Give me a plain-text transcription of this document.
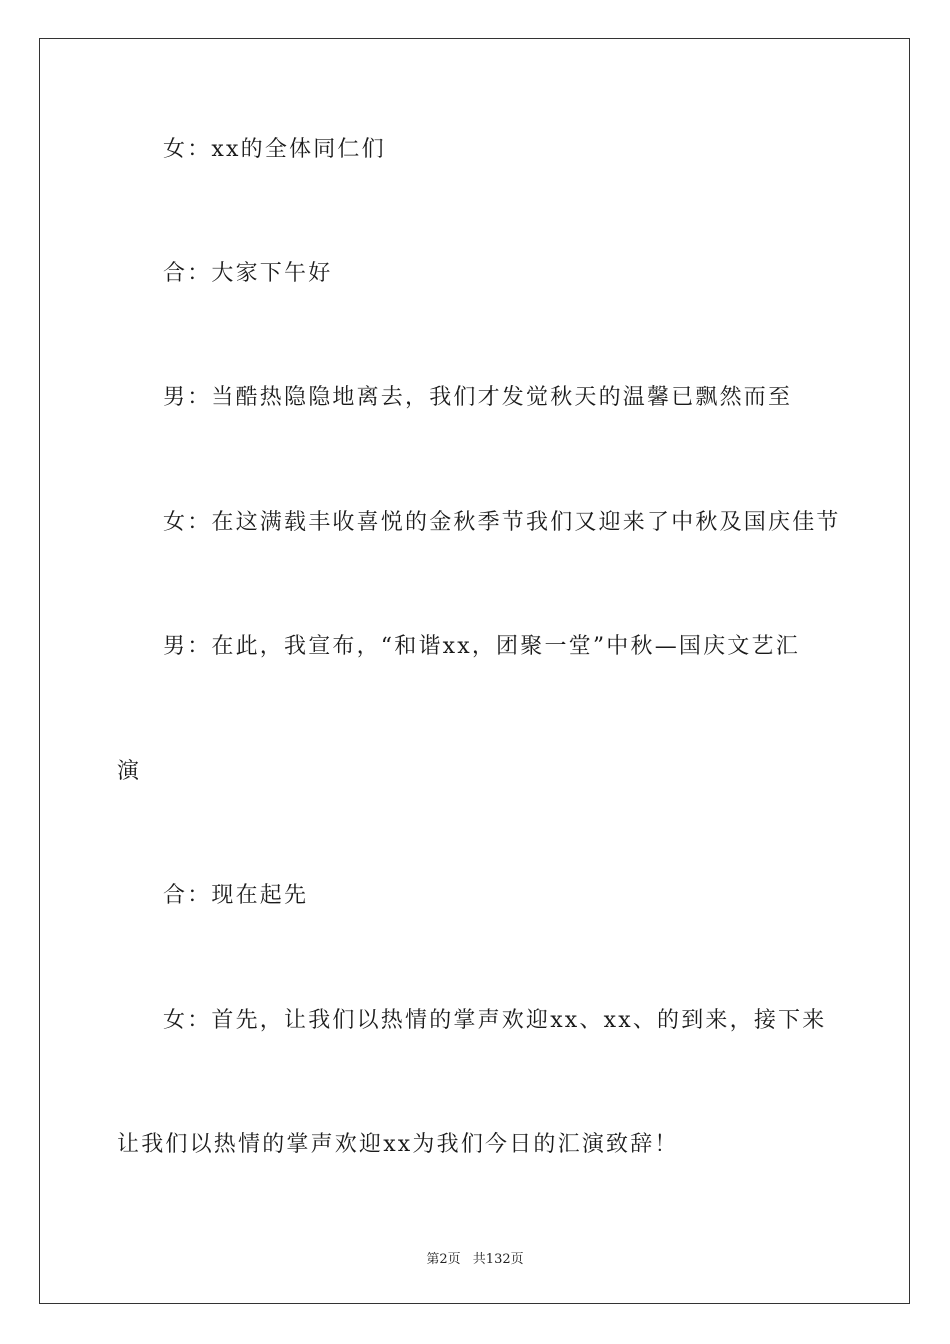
女：xx的全体同仁们
合：大家下午好
男：当酷热隐隐地离去，我们才发觉秋天的温馨已飘然而至
女：在这满载丰收喜悦的金秋季节我们又迎来了中秋及国庆佳节
男：在此，我宣布，“和谐xx，团聚一堂”中秋—国庆文艺汇
演
合：现在起先
女：首先，让我们以热情的掌声欢迎xx、xx、的到来，接下来
让我们以热情的掌声欢迎xx为我们今日的汇演致辞！
第2页 共132页
